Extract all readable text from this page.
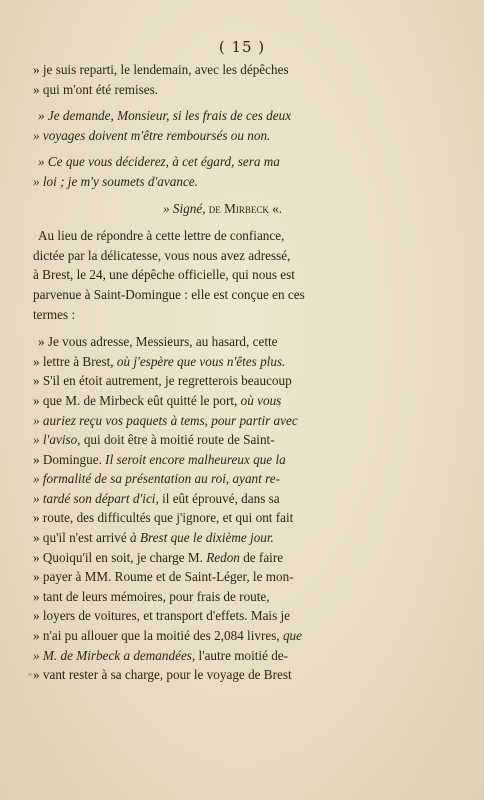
( 15 )
» je suis reparti, le lendemain, avec les dépêches
» qui m'ont été remises.
» Je demande, Monsieur, si les frais de ces deux
» voyages doivent m'être remboursés ou non.
» Ce que vous déciderez, à cet égard, sera ma
» loi ; je m'y soumets d'avance.
» Signé, de Mirbeck «.
Au lieu de répondre à cette lettre de confiance,
dictée par la délicatesse, vous nous avez adressé,
à Brest, le 24, une dépêche officielle, qui nous est
parvenue à Saint-Domingue : elle est conçue en ces
termes :
» Je vous adresse, Messieurs, au hasard, cette
» lettre à Brest, où j'espère que vous n'êtes plus.
» S'il en étoit autrement, je regretterois beaucoup
» que M. de Mirbeck eût quitté le port, où vous
» auriez reçu vos paquets à tems, pour partir avec
» l'aviso, qui doit être à moitié route de Saint-
» Domingue. Il seroit encore malheureux que la
» formalité de sa présentation au roi, ayant re-
» tardé son départ d'ici, il eût éprouvé, dans sa
» route, des difficultés que j'ignore, et qui ont fait
» qu'il n'est arrivé à Brest que le dixième jour.
» Quoiqu'il en soit, je charge M. Redon de faire
» payer à MM. Roume et de Saint-Léger, le mon-
» tant de leurs mémoires, pour frais de route,
» loyers de voitures, et transport d'effets. Mais je
» n'ai pu allouer que la moitié des 2,084 livres, que
» M. de Mirbeck a demandées, l'autre moitié de-
» vant rester à sa charge, pour le voyage de Brest
